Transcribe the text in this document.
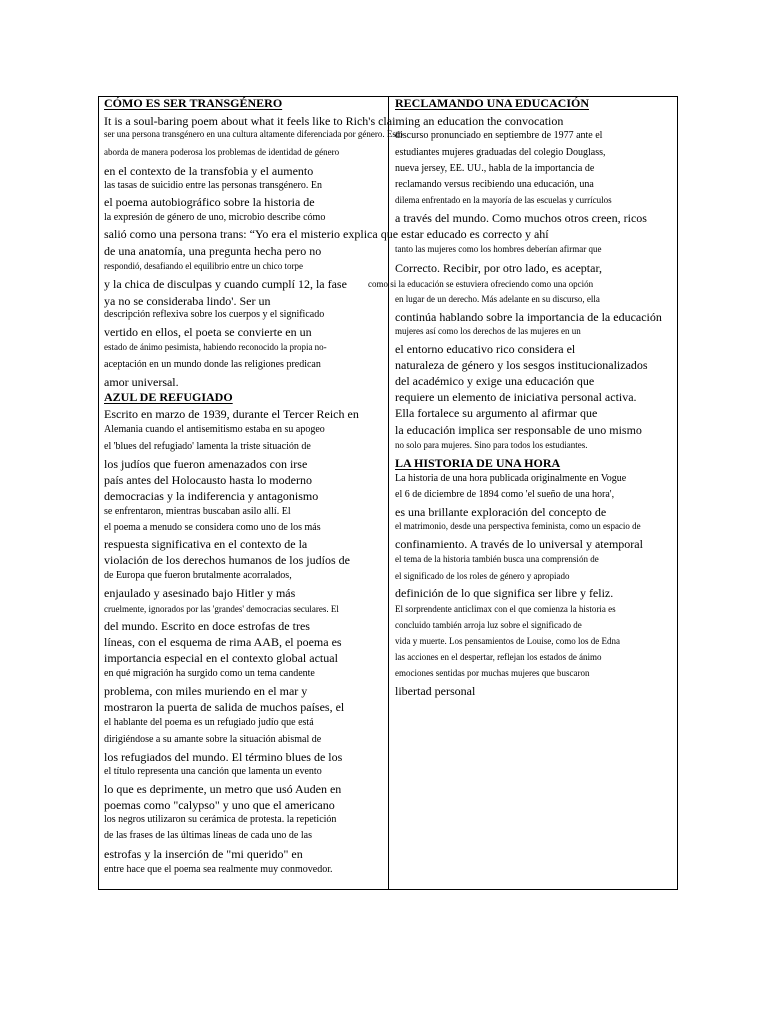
CÓMO ES SER TRANSGÉNERO
It is a soul-baring poem about what it feels like to Rich's claiming an education the convocation
ser una persona transgénero en una cultura altamente diferenciada por género. Esto
aborda de manera poderosa los problemas de identidad de género
en el contexto de la transfobia y el aumento
las tasas de suicidio entre las personas transgénero. En
el poema autobiográfico sobre la historia de
la expresión de género de uno, microbio describe cómo
salió como una persona trans: “Yo era el misterio explica que estar educado es correcto y ahí
de una anatomía, una pregunta hecha pero no
respondió, desafiando el equilibrio entre un chico torpe
y la chica de disculpas y cuando cumplí 12, la fase
ya no se consideraba lindo'. Ser un
descripción reflexiva sobre los cuerpos y el significado
vertido en ellos, el poeta se convierte en un
estado de ánimo pesimista, habiendo reconocido la propia no-
aceptación en un mundo donde las religiones predican
amor universal.
AZUL DE REFUGIADO
Escrito en marzo de 1939, durante el Tercer Reich en
Alemania cuando el antisemitismo estaba en su apogeo
el 'blues del refugiado' lamenta la triste situación de
los judíos que fueron amenazados con irse
país antes del Holocausto hasta lo moderno
democracias y la indiferencia y antagonismo
se enfrentaron, mientras buscaban asilo allí. El
el poema a menudo se considera como uno de los más
respuesta significativa en el contexto de la
violación de los derechos humanos de los judíos de
de Europa que fueron brutalmente acorralados,
enjaulado y asesinado bajo Hitler y más
cruelmente, ignorados por las 'grandes' democracias seculares. El
del mundo. Escrito en doce estrofas de tres
líneas, con el esquema de rima AAB, el poema es
importancia especial en el contexto global actual
en qué migración ha surgido como un tema candente
problema, con miles muriendo en el mar y
mostraron la puerta de salida de muchos países, el
el hablante del poema es un refugiado judío que está
dirigiéndose a su amante sobre la situación abismal de
los refugiados del mundo. El término blues de los
el título representa una canción que lamenta un evento
lo que es deprimente, un metro que usó Auden en
poemas como "calypso" y uno que el americano
los negros utilizaron su cerámica de protesta. la repetición
de las frases de las últimas líneas de cada uno de las
estrofas y la inserción de "mi querido" en
entre hace que el poema sea realmente muy conmovedor.
RECLAMANDO UNA EDUCACIÓN
discurso pronunciado en septiembre de 1977 ante el
estudiantes mujeres graduadas del colegio Douglass,
nueva jersey, EE. UU., habla de la importancia de
reclamando versus recibiendo una educación, una
dilema enfrentado en la mayoría de las escuelas y currículos
a través del mundo. Como muchos otros creen, ricos
tanto las mujeres como los hombres deberían afirmar que
Correcto. Recibir, por otro lado, es aceptar,
como si la educación se estuviera ofreciendo como una opción
en lugar de un derecho. Más adelante en su discurso, ella
continúa hablando sobre la importancia de la educación
mujeres así como los derechos de las mujeres en un
el entorno educativo rico considera el
naturaleza de género y los sesgos institucionalizados
del académico y exige una educación que
requiere un elemento de iniciativa personal activa.
Ella fortalece su argumento al afirmar que
la educación implica ser responsable de uno mismo
no solo para mujeres. Sino para todos los estudiantes.
LA HISTORIA DE UNA HORA
La historia de una hora publicada originalmente en Vogue
el 6 de diciembre de 1894 como 'el sueño de una hora',
es una brillante exploración del concepto de
el matrimonio, desde una perspectiva feminista, como un espacio de
confinamiento. A través de lo universal y atemporal
el tema de la historia también busca una comprensión de
el significado de los roles de género y apropiado
definición de lo que significa ser libre y feliz.
El sorprendente anticlimax con el que comienza la historia es
concluido también arroja luz sobre el significado de
vida y muerte. Los pensamientos de Louise, como los de Edna
las acciones en el despertar, reflejan los estados de ánimo
emociones sentidas por muchas mujeres que buscaron
libertad personal
